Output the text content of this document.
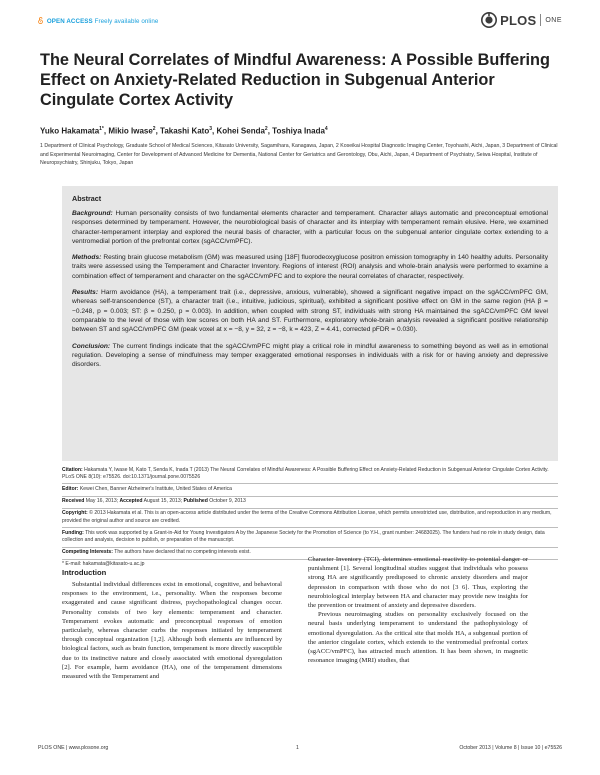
OPEN ACCESS Freely available online	PLOS ONE
The Neural Correlates of Mindful Awareness: A Possible Buffering Effect on Anxiety-Related Reduction in Subgenual Anterior Cingulate Cortex Activity
Yuko Hakamata$^{1*}$, Mikio Iwase$^2$, Takashi Kato$^3$, Kohei Senda$^2$, Toshiya Inada$^4$
1 Department of Clinical Psychology, Graduate School of Medical Sciences, Kitasato University, Sagamihara, Kanagawa, Japan, 2 Koseikai Hospital Diagnostic Imaging Center, Toyohashi, Aichi, Japan, 3 Department of Clinical and Experimental Neuroimaging, Center for Development of Advanced Medicine for Dementia, National Center for Geriatrics and Gerontology, Obu, Aichi, Japan, 4 Department of Psychiatry, Seiwa Hospital, Institute of Neuropsychiatry, Shinjuku, Tokyo, Japan
Abstract

Background: Human personality consists of two fundamental elements character and temperament. Character allays automatic and preconceptual emotional responses determined by temperament. However, the neurobiological basis of character and its interplay with temperament remain elusive. Here, we examined character-temperament interplay and explored the neural basis of character, with a particular focus on the subgenual anterior cingulate cortex extending to a ventromedial portion of the prefrontal cortex (sgACC/vmPFC).

Methods: Resting brain glucose metabolism (GM) was measured using [18F] fluorodeoxyglucose positron emission tomography in 140 healthy adults. Personality traits were assessed using the Temperament and Character Inventory. Regions of interest (ROI) analysis and whole-brain analysis were performed to examine a combination effect of temperament and character on the sgACC/vmPFC and to explore the neural correlates of character, respectively.

Results: Harm avoidance (HA), a temperament trait (i.e., depressive, anxious, vulnerable), showed a significant negative impact on the sgACC/vmPFC GM, whereas self-transcendence (ST), a character trait (i.e., intuitive, judicious, spiritual), exhibited a significant positive effect on GM in the same region (HA β = −0.248, p = 0.003; ST: β = 0.250, p = 0.003). In addition, when coupled with strong ST, individuals with strong HA maintained the sgACC/vmPFC GM level comparable to the level of those with low scores on both HA and ST. Furthermore, exploratory whole-brain analysis revealed a significant positive relationship between ST and sgACC/vmPFC GM (peak voxel at x = −8, y = 32, z = −8, k = 423, Z = 4.41, corrected pFDR = 0.030).

Conclusion: The current findings indicate that the sgACC/vmPFC might play a critical role in mindful awareness to something beyond as well as in emotional regulation. Developing a sense of mindfulness may temper exaggerated emotional responses in individuals with a risk for or having anxiety and depressive disorders.

Citation: Hakamata Y, Iwase M, Kato T, Senda K, Inada T (2013) The Neural Correlates of Mindful Awareness: A Possible Buffering Effect on Anxiety-Related Reduction in Subgenual Anterior Cingulate Cortex Activity. PLoS ONE 8(10): e75526. doi:10.1371/journal.pone.0075526
Editor: Kewei Chen, Banner Alzheimer's Institute, United States of America
Received May 16, 2013; Accepted August 15, 2013; Published October 9, 2013
Copyright: © 2013 Hakamata et al. This is an open-access article distributed under the terms of the Creative Commons Attribution License, which permits unrestricted use, distribution, and reproduction in any medium, provided the original author and source are credited.
Funding: This work was supported by a Grant-in-Aid for Young Investigators A by the Japanese Society for the Promotion of Science (to Y.H., grant number: 24683025). The funders had no role in study design, data collection and analysis, decision to publish, or preparation of the manuscript.
Competing Interests: The authors have declared that no competing interests exist.
* E-mail: hakamata@kitasato-u.ac.jp
Introduction

Substantial individual differences exist in emotional, cognitive, and behavioral responses to the environment, i.e., personality. When the responses become exaggerated and cause significant distress, psychopathological changes occur. Personality consists of two key elements: temperament and character. Temperament evokes automatic and preconceptual responses of emotion particularly, whereas character curbs the responses initiated by temperament through conceptual organization [1,2]. Although both elements are influenced by biological factors, such as brain function, temperament is more directly susceptible due to its instinctive nature and closely associated with emotional dysregulation [2]. For example, harm avoidance (HA), one of the temperament dimensions measured with the Temperament and

Character Inventory (TCI), determines emotional reactivity to potential danger or punishment [1]. Several longitudinal studies suggest that individuals who possess strong HA are significantly predisposed to chronic anxiety disorders and major depression in comparison with those who do not [3 6]. Thus, exploring the neurobiological interplay between HA and character may provide new insights for the prevention or treatment of anxiety and depressive disorders.

Previous neuroimaging studies on personality exclusively focused on the neural basis underlying temperament to understand the pathophysiology of emotional dysregulation. As the critical site that molds HA, a subgenual portion of the anterior cingulate cortex, which extends to the ventromedial prefrontal cortex (sgACC/vmPFC), has attracted much attention. It has been shown, in magnetic resonance imaging (MRI) studies, that

PLOS ONE | www.plosone.org	1	October 2013 | Volume 8 | Issue 10 | e75526
